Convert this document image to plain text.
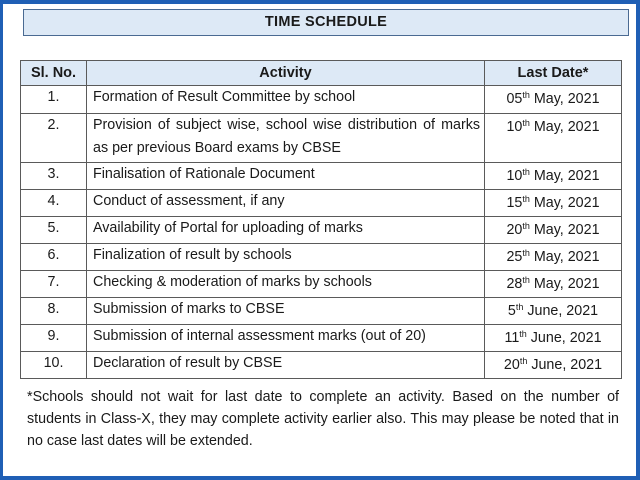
TIME SCHEDULE
Sl. No.	Activity	Last Date*
1.	Formation of Result Committee by school	05th May, 2021
2.	Provision of subject wise, school wise distribution of marks as per previous Board exams by CBSE	10th May, 2021
3.	Finalisation of Rationale Document	10th May, 2021
4.	Conduct of assessment, if any	15th May, 2021
5.	Availability of Portal for uploading of marks	20th May, 2021
6.	Finalization of result by schools	25th May, 2021
7.	Checking & moderation of marks by schools	28th May, 2021
8.	Submission of marks to CBSE	5th June, 2021
9.	Submission of internal assessment marks (out of 20)	11th June, 2021
10.	Declaration of result by CBSE	20th June, 2021
*Schools should not wait for last date to complete an activity. Based on the number of students in Class-X, they may complete activity earlier also. This may please be noted that in no case last dates will be extended.
